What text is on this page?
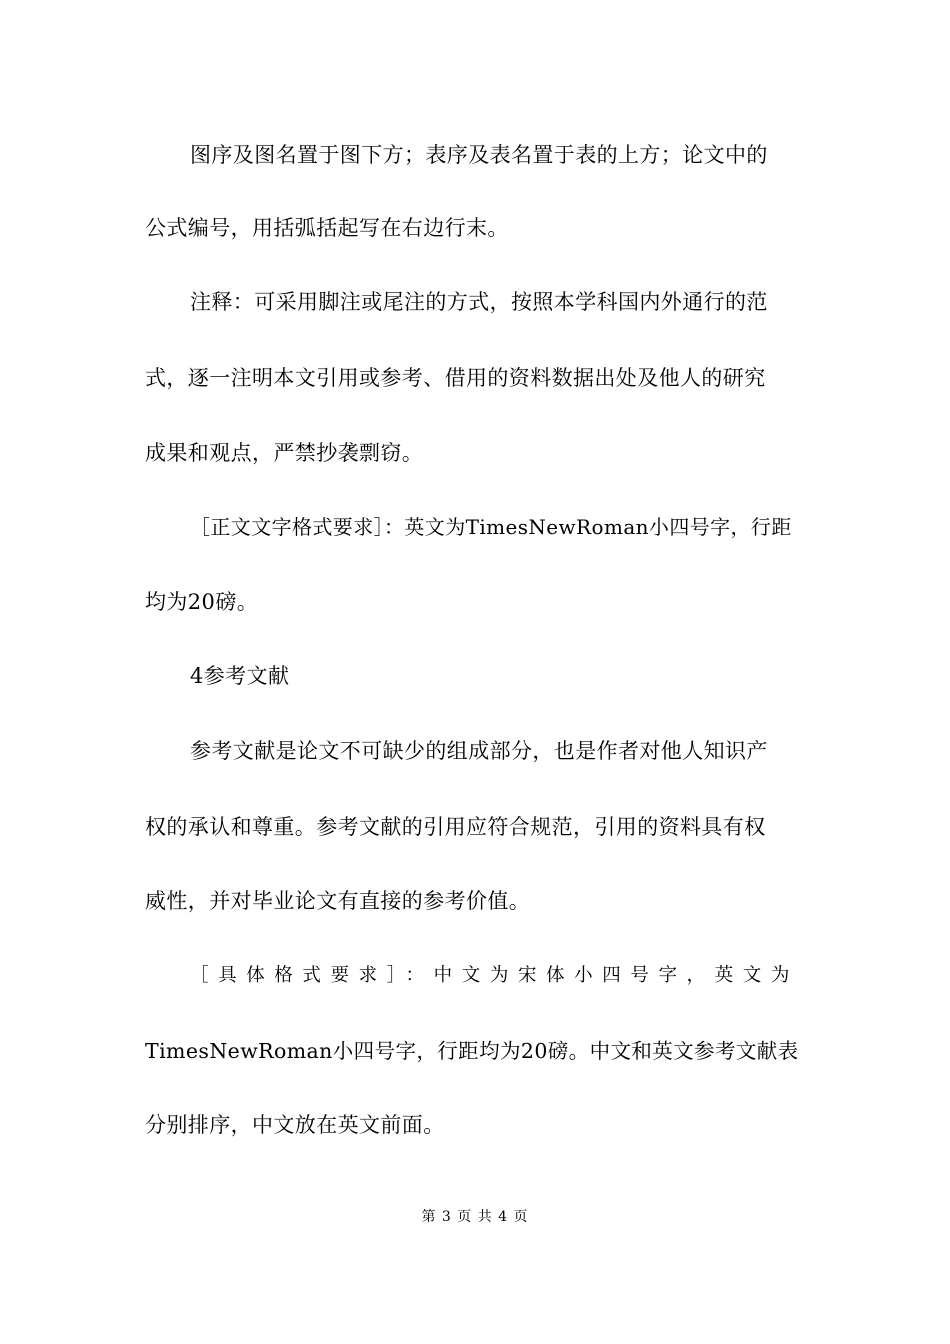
图序及图名置于图下方；表序及表名置于表的上方；论文中的
公式编号，用括弧括起写在右边行末。
注释：可采用脚注或尾注的方式，按照本学科国内外通行的范
式，逐一注明本文引用或参考、借用的资料数据出处及他人的研究
成果和观点，严禁抄袭剽窃。
［正文文字格式要求］：英文为TimesNewRoman小四号字，行距
均为20磅。
4参考文献
参考文献是论文不可缺少的组成部分，也是作者对他人知识产
权的承认和尊重。参考文献的引用应符合规范，引用的资料具有权
威性，并对毕业论文有直接的参考价值。
［具体格式要求］：中文为宋体小四号字，英文为
TimesNewRoman小四号字，行距均为20磅。中文和英文参考文献表
分别排序，中文放在英文前面。
第 3 页 共 4 页
